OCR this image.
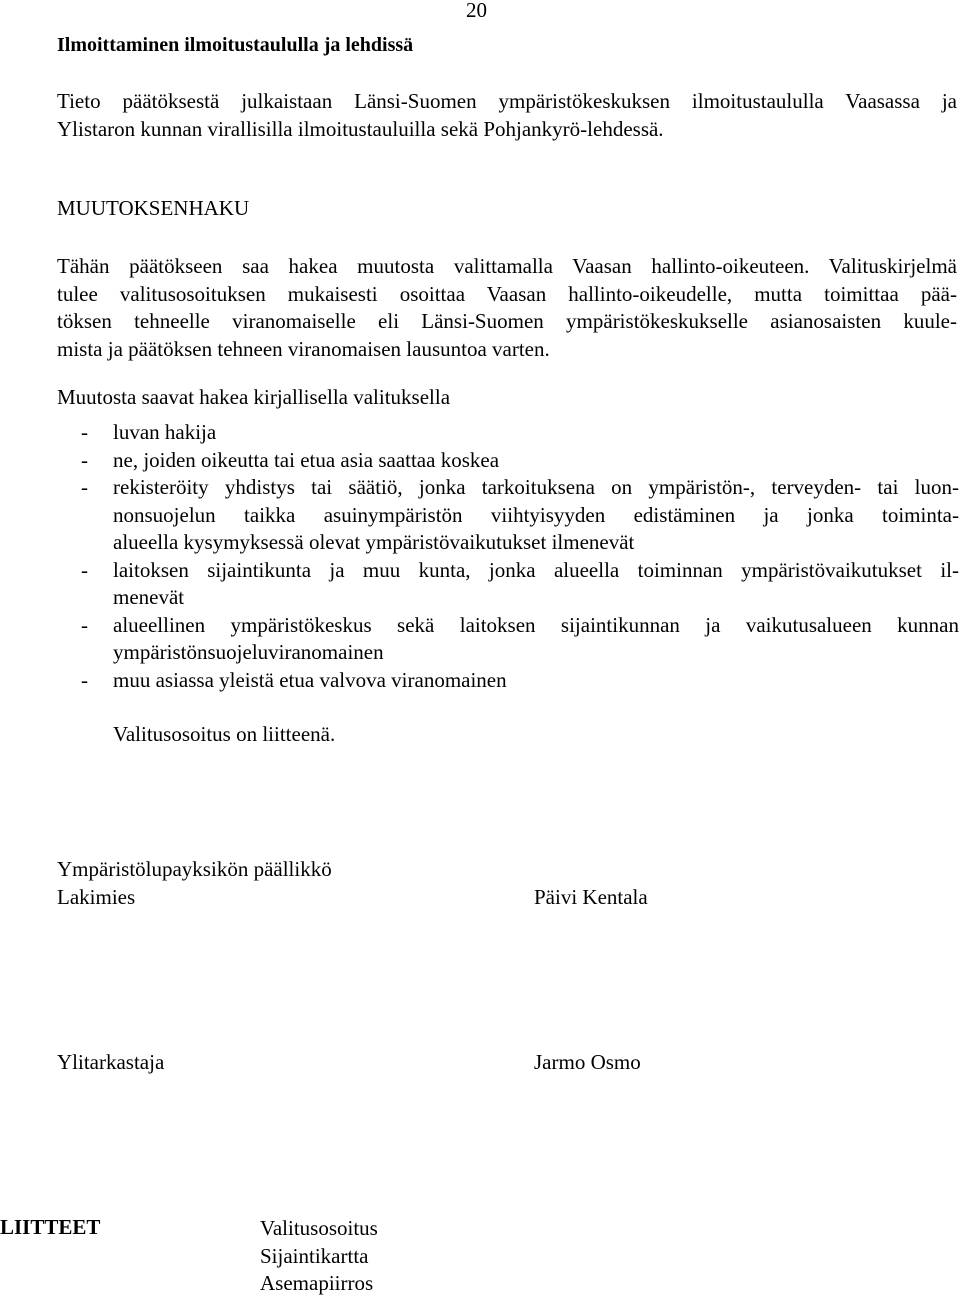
20
Ilmoittaminen ilmoitustaululla ja lehdissä
Tieto päätöksestä julkaistaan Länsi-Suomen ympäristökeskuksen ilmoitustaululla Vaasassa ja
Ylistaron kunnan virallisilla ilmoitustauluilla sekä Pohjankyrö-lehdessä.
MUUTOKSENHAKU
Tähän päätökseen saa hakea muutosta valittamalla Vaasan hallinto-oikeuteen. Valituskirjelmä
tulee valitusosoituksen mukaisesti osoittaa Vaasan hallinto-oikeudelle, mutta toimittaa pää-
töksen tehneelle viranomaiselle eli Länsi-Suomen ympäristökeskukselle asianosaisten kuule-
mista ja päätöksen tehneen viranomaisen lausuntoa varten.
Muutosta saavat hakea kirjallisella valituksella
- luvan hakija
- ne, joiden oikeutta tai etua asia saattaa koskea
- rekisteröity yhdistys tai säätiö, jonka tarkoituksena on ympäristön-, terveyden- tai luon-
nonsuojelun taikka asuinympäristön viihtyisyyden edistäminen ja jonka toiminta-
alueella kysymyksessä olevat ympäristövaikutukset ilmenevät
- laitoksen sijaintikunta ja muu kunta, jonka alueella toiminnan ympäristövaikutukset il-
menevät
- alueellinen ympäristökeskus sekä laitoksen sijaintikunnan ja vaikutusalueen kunnan
ympäristönsuojeluviranomainen
- muu asiassa yleistä etua valvova viranomainen
Valitusosoitus on liitteenä.
Ympäristölupayksikön päällikkö
Lakimies	Päivi Kentala
Ylitarkastaja	Jarmo Osmo
LIITTEET	Valitusosoitus
Sijaintikartta
Asemapiirros
